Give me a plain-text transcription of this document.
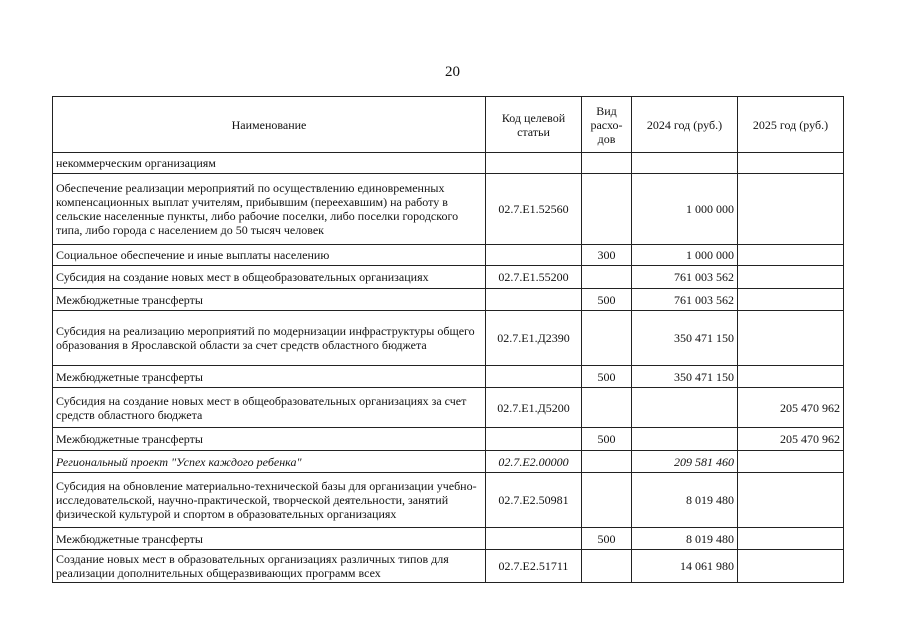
20
Наименование	Код целевой статьи	Вид расхо-дов	2024 год (руб.)	2025 год (руб.)
некоммерческим организациям				
Обеспечение реализации мероприятий по осуществлению единовременных компенсационных выплат учителям, прибывшим (переехавшим) на работу в сельские населенные пункты, либо рабочие поселки, либо поселки городского типа, либо города с населением до 50 тысяч человек	02.7.E1.52560		1 000 000	
Социальное обеспечение и иные выплаты населению		300	1 000 000	
Субсидия на создание новых мест в общеобразовательных организациях	02.7.E1.55200		761 003 562	
Межбюджетные трансферты		500	761 003 562	
Субсидия на реализацию мероприятий по модернизации инфраструктуры общего образования в Ярославской области за счет средств областного бюджета	02.7.E1.Д2390		350 471 150	
Межбюджетные трансферты		500	350 471 150	
Субсидия на создание новых мест в общеобразовательных организациях за счет средств областного бюджета	02.7.E1.Д5200			205 470 962
Межбюджетные трансферты		500		205 470 962
Региональный проект "Успех каждого ребенка"	02.7.E2.00000		209 581 460	
Субсидия на обновление материально-технической базы для организации учебно-исследовательской, научно-практической, творческой деятельности, занятий физической культурой и спортом в образовательных организациях	02.7.E2.50981		8 019 480	
Межбюджетные трансферты		500	8 019 480	
Создание новых мест в образовательных организациях различных типов для реализации дополнительных общеразвивающих программ всех	02.7.E2.51711		14 061 980	
